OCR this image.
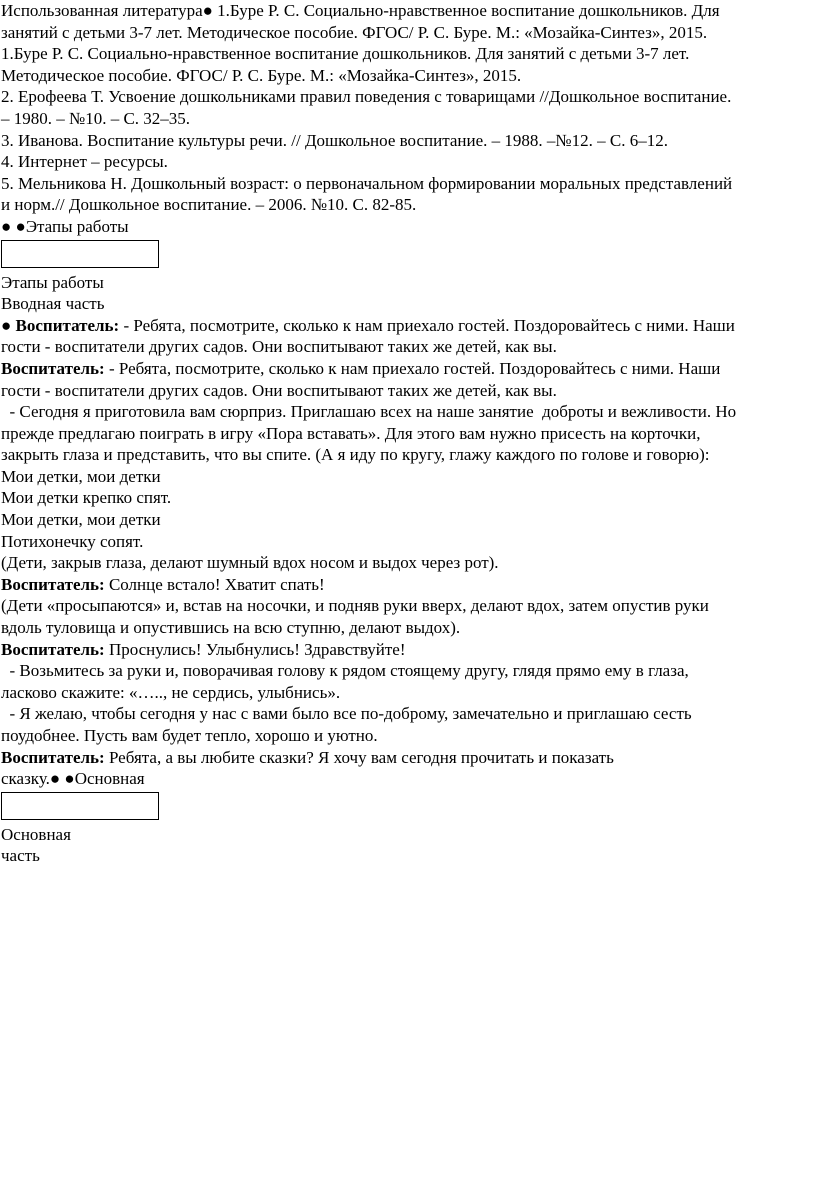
Использованная литература● 1.Буре Р. С. Социально-нравственное воспитание дошкольников. Для
занятий с детьми 3-7 лет. Методическое пособие. ФГОС/ Р. С. Буре. М.: «Мозайка-Синтез», 2015.
1.Буре Р. С. Социально-нравственное воспитание дошкольников. Для занятий с детьми 3-7 лет.
Методическое пособие. ФГОС/ Р. С. Буре. М.: «Мозайка-Синтез», 2015.
2. Ерофеева Т. Усвоение дошкольниками правил поведения с товарищами //Дошкольное воспитание.
– 1980. – №10. – С. 32–35.
3. Иванова. Воспитание культуры речи. // Дошкольное воспитание. – 1988. –№12. – С. 6–12.
4. Интернет – ресурсы.
5. Мельникова Н. Дошкольный возраст: о первоначальном формировании моральных представлений
и норм.// Дошкольное воспитание. – 2006. №10. С. 82-85.
● ●Этапы работы
Этапы работы
Вводная часть
● Воспитатель: - Ребята, посмотрите, сколько к нам приехало гостей. Поздоровайтесь с ними. Наши
гости - воспитатели других садов. Они воспитывают таких же детей, как вы.
Воспитатель: - Ребята, посмотрите, сколько к нам приехало гостей. Поздоровайтесь с ними. Наши
гости - воспитатели других садов. Они воспитывают таких же детей, как вы.
- Сегодня я приготовила вам сюрприз. Приглашаю всех на наше занятие  доброты и вежливости. Но
прежде предлагаю поиграть в игру «Пора вставать». Для этого вам нужно присесть на корточки,
закрыть глаза и представить, что вы спите. (А я иду по кругу, глажу каждого по голове и говорю):
Мои детки, мои детки
Мои детки крепко спят.
Мои детки, мои детки
Потихонечку сопят.
(Дети, закрыв глаза, делают шумный вдох носом и выдох через рот).
Воспитатель: Солнце встало! Хватит спать!
(Дети «просыпаются» и, встав на носочки, и подняв руки вверх, делают вдох, затем опустив руки
вдоль туловища и опустившись на всю ступню, делают выдох).
Воспитатель: Проснулись! Улыбнулись! Здравствуйте!
- Возьмитесь за руки и, поворачивая голову к рядом стоящему другу, глядя прямо ему в глаза,
ласково скажите: «….., не сердись, улыбнись».
- Я желаю, чтобы сегодня у нас с вами было все по-доброму, замечательно и приглашаю сесть
поудобнее. Пусть вам будет тепло, хорошо и уютно.
Воспитатель: Ребята, а вы любите сказки? Я хочу вам сегодня прочитать и показать
сказку.● ●Основная
Основная
часть
